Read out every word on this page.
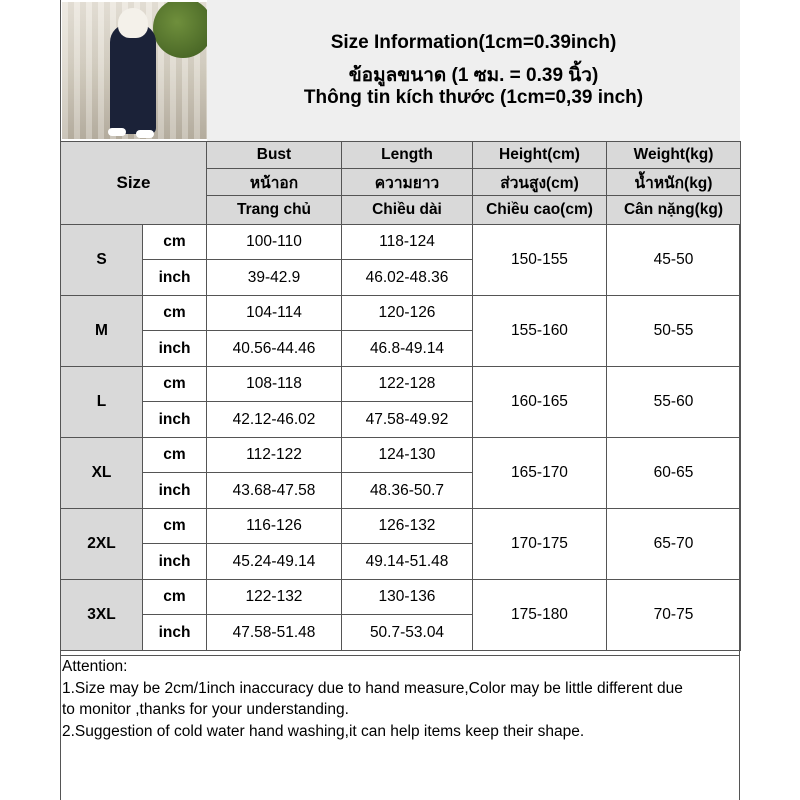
Size Information(1cm=0.39inch)
ข้อมูลขนาด (1 ซม. = 0.39 นิ้ว)
Thông tin kích thước (1cm=0,39 inch)
Size		Bust	Length	Height(cm)	Weight(kg)
		หน้าอก	ความยาว	ส่วนสูง(cm)	น้ำหนัก(kg)
		Trang chủ	Chiều dài	Chiều cao(cm)	Cân nặng(kg)
S	cm	100-110	118-124	150-155	45-50
	inch	39-42.9	46.02-48.36		
M	cm	104-114	120-126	155-160	50-55
	inch	40.56-44.46	46.8-49.14		
L	cm	108-118	122-128	160-165	55-60
	inch	42.12-46.02	47.58-49.92		
XL	cm	112-122	124-130	165-170	60-65
	inch	43.68-47.58	48.36-50.7		
2XL	cm	116-126	126-132	170-175	65-70
	inch	45.24-49.14	49.14-51.48		
3XL	cm	122-132	130-136	175-180	70-75
	inch	47.58-51.48	50.7-53.04		
Attention:
1.Size may be 2cm/1inch inaccuracy due to hand measure,Color may be little different due
to monitor ,thanks for your understanding.
2.Suggestion of cold water hand washing,it can help items keep their shape.
